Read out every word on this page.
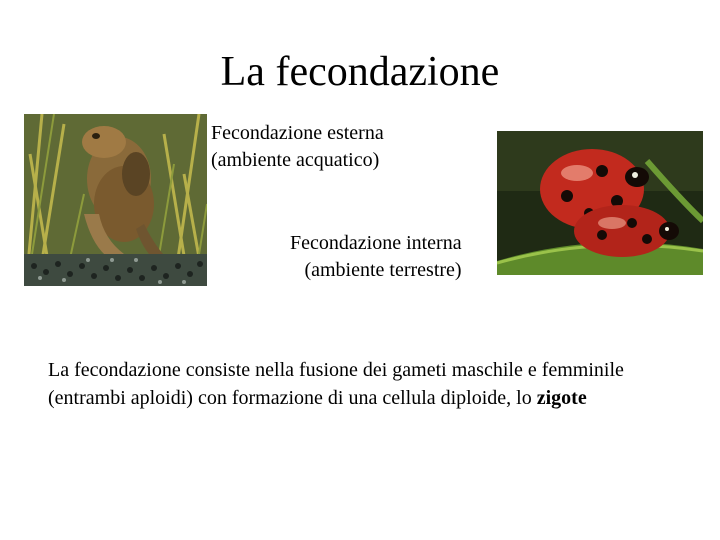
La fecondazione
Fecondazione esterna
(ambiente acquatico)
Fecondazione interna
(ambiente terrestre)
La fecondazione consiste nella fusione dei gameti maschile e femminile (entrambi aploidi) con formazione di una cellula diploide, lo zigote
